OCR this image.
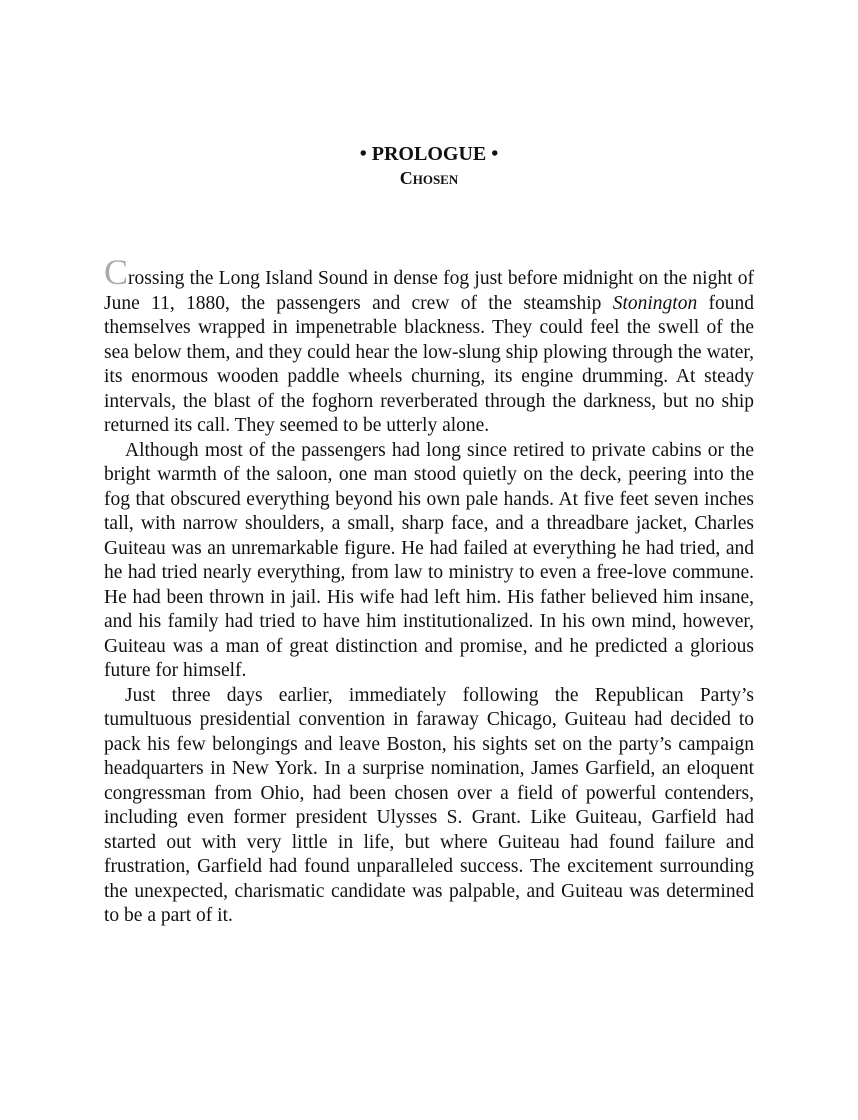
• PROLOGUE •
Chosen

Crossing the Long Island Sound in dense fog just before midnight on the night of June 11, 1880, the passengers and crew of the steamship Stonington found themselves wrapped in impenetrable blackness. They could feel the swell of the sea below them, and they could hear the low-slung ship plowing through the water, its enormous wooden paddle wheels churning, its engine drumming. At steady intervals, the blast of the foghorn reverberated through the darkness, but no ship returned its call. They seemed to be utterly alone.

Although most of the passengers had long since retired to private cabins or the bright warmth of the saloon, one man stood quietly on the deck, peering into the fog that obscured everything beyond his own pale hands. At five feet seven inches tall, with narrow shoulders, a small, sharp face, and a threadbare jacket, Charles Guiteau was an unremarkable figure. He had failed at everything he had tried, and he had tried nearly everything, from law to ministry to even a free-love commune. He had been thrown in jail. His wife had left him. His father believed him insane, and his family had tried to have him institutionalized. In his own mind, however, Guiteau was a man of great distinction and promise, and he predicted a glorious future for himself.

Just three days earlier, immediately following the Republican Party’s tumultuous presidential convention in faraway Chicago, Guiteau had decided to pack his few belongings and leave Boston, his sights set on the party’s campaign headquarters in New York. In a surprise nomination, James Garfield, an eloquent congressman from Ohio, had been chosen over a field of powerful contenders, including even former president Ulysses S. Grant. Like Guiteau, Garfield had started out with very little in life, but where Guiteau had found failure and frustration, Garfield had found unparalleled success. The excitement surrounding the unexpected, charismatic candidate was palpable, and Guiteau was determined to be a part of it.
